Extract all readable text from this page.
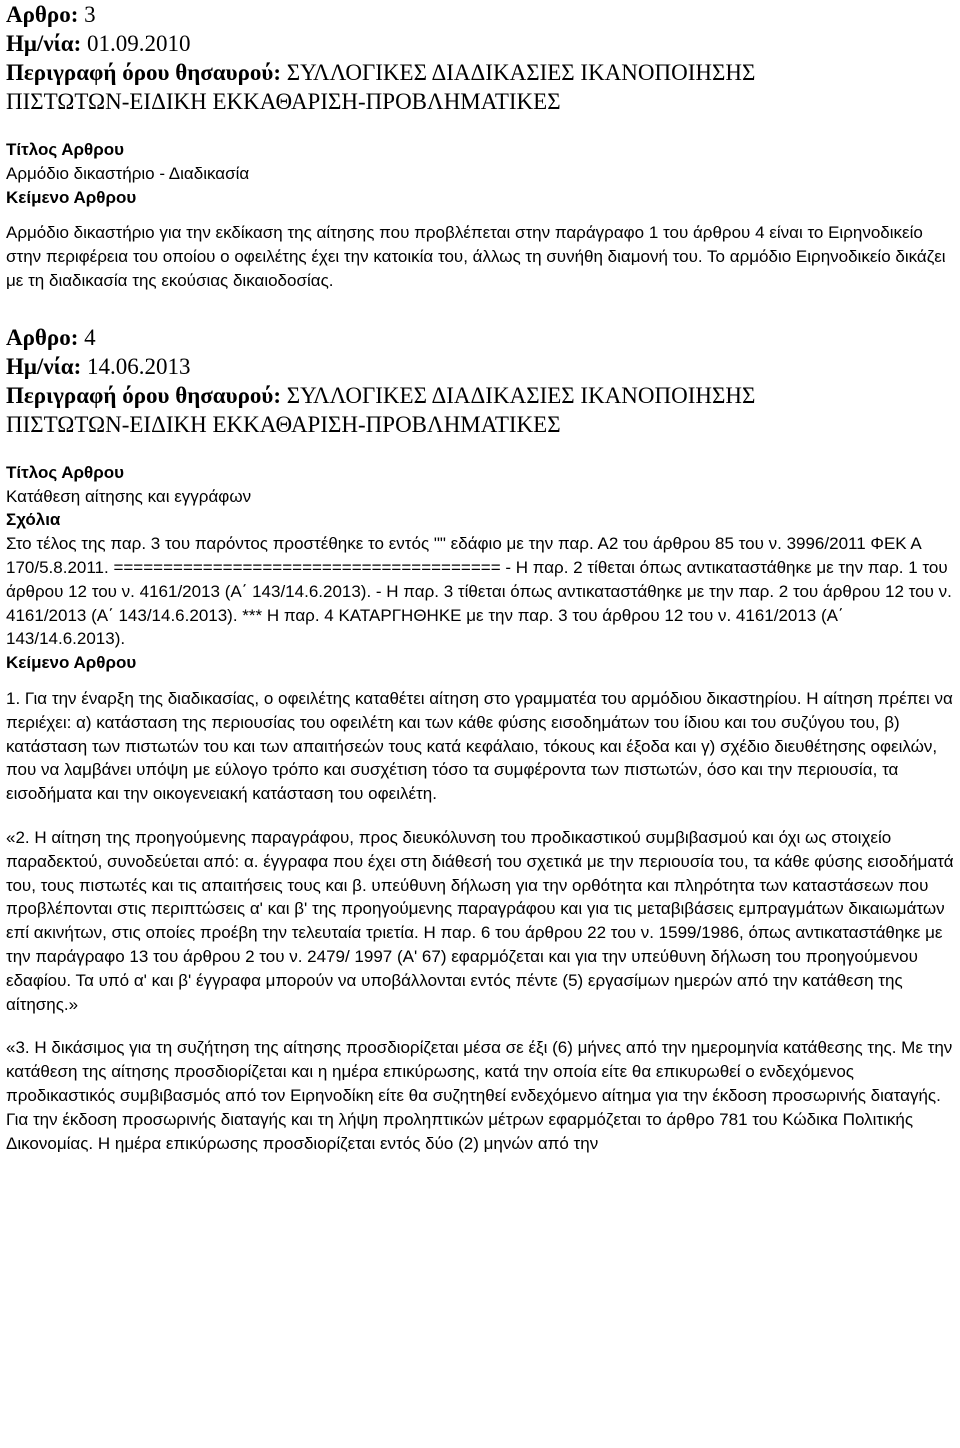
Αρθρο: 3
Ημ/νία: 01.09.2010
Περιγραφή όρου θησαυρού: ΣΥΛΛΟΓΙΚΕΣ ΔΙΑΔΙΚΑΣΙΕΣ ΙΚΑΝΟΠΟΙΗΣΗΣ
ΠΙΣΤΩΤΩΝ-ΕΙΔΙΚΗ ΕΚΚΑΘΑΡΙΣΗ-ΠΡΟΒΛΗΜΑΤΙΚΕΣ
Τίτλος Αρθρου
Αρμόδιο δικαστήριο - Διαδικασία
Κείμενο Αρθρου

Αρμόδιο δικαστήριο για την εκδίκαση της αίτησης που προβλέπεται στην παράγραφο 1 του άρθρου 4 είναι το Ειρηνοδικείο στην περιφέρεια του οποίου ο οφειλέτης έχει την κατοικία του, άλλως τη συνήθη διαμονή του. Το αρμόδιο Ειρηνοδικείο δικάζει με τη διαδικασία της εκούσιας δικαιοδοσίας.

Αρθρο: 4
Ημ/νία: 14.06.2013
Περιγραφή όρου θησαυρού: ΣΥΛΛΟΓΙΚΕΣ ΔΙΑΔΙΚΑΣΙΕΣ ΙΚΑΝΟΠΟΙΗΣΗΣ
ΠΙΣΤΩΤΩΝ-ΕΙΔΙΚΗ ΕΚΚΑΘΑΡΙΣΗ-ΠΡΟΒΛΗΜΑΤΙΚΕΣ
Τίτλος Αρθρου
Κατάθεση αίτησης και εγγράφων
Σχόλια
Στο τέλος της παρ. 3 του παρόντος προστέθηκε το εντός "" εδάφιο με την παρ. Α2 του άρθρου 85 του ν. 3996/2011 ΦΕΚ Α 170/5.8.2011. ======================================= - Η παρ. 2 τίθεται όπως αντικαταστάθηκε με την παρ. 1 του άρθρου 12 του ν. 4161/2013 (Α΄ 143/14.6.2013). - Η παρ. 3 τίθεται όπως αντικαταστάθηκε με την παρ. 2 του άρθρου 12 του ν. 4161/2013 (Α΄ 143/14.6.2013). *** Η παρ. 4 ΚΑΤΑΡΓΗΘΗΚΕ με την παρ. 3 του άρθρου 12 του ν. 4161/2013 (Α΄ 143/14.6.2013).
Κείμενο Αρθρου

1. Για την έναρξη της διαδικασίας, ο οφειλέτης καταθέτει αίτηση στο γραμματέα του αρμόδιου δικαστηρίου. Η αίτηση πρέπει να περιέχει: α) κατάσταση της περιουσίας του οφειλέτη και των κάθε φύσης εισοδημάτων του ίδιου και του συζύγου του, β) κατάσταση των πιστωτών του και των απαιτήσεών τους κατά κεφάλαιο, τόκους και έξοδα και γ) σχέδιο διευθέτησης οφειλών, που να λαμβάνει υπόψη με εύλογο τρόπο και συσχέτιση τόσο τα συμφέροντα των πιστωτών, όσο και την περιουσία, τα εισοδήματα και την οικογενειακή κατάσταση του οφειλέτη.

«2. Η αίτηση της προηγούμενης παραγράφου, προς διευκόλυνση του προδικαστικού συμβιβασμού και όχι ως στοιχείο παραδεκτού, συνοδεύεται από: α. έγγραφα που έχει στη διάθεσή του σχετικά με την περιουσία του, τα κάθε φύσης εισοδήματά του, τους πιστωτές και τις απαιτήσεις τους και β. υπεύθυνη δήλωση για την ορθότητα και πληρότητα των καταστάσεων που προβλέπονται στις περιπτώσεις α' και β' της προηγούμενης παραγράφου και για τις μεταβιβάσεις εμπραγμάτων δικαιωμάτων επί ακινήτων, στις οποίες προέβη την τελευταία τριετία. Η παρ. 6 του άρθρου 22 του ν. 1599/1986, όπως αντικαταστάθηκε με την παράγραφο 13 του άρθρου 2 του ν. 2479/ 1997 (Α' 67) εφαρμόζεται και για την υπεύθυνη δήλωση του προηγούμενου εδαφίου. Τα υπό α' και β' έγγραφα μπορούν να υποβάλλονται εντός πέντε (5) εργασίμων ημερών από την κατάθεση της αίτησης.»

«3. Η δικάσιμος για τη συζήτηση της αίτησης προσδιορίζεται μέσα σε έξι (6) μήνες από την ημερομηνία κατάθεσης της. Με την κατάθεση της αίτησης προσδιορίζεται και η ημέρα επικύρωσης, κατά την οποία είτε θα επικυρωθεί ο ενδεχόμενος προδικαστικός συμβιβασμός από τον Ειρηνοδίκη είτε θα συζητηθεί ενδεχόμενο αίτημα για την έκδοση προσωρινής διαταγής. Για την έκδοση προσωρινής διαταγής και τη λήψη προληπτικών μέτρων εφαρμόζεται το άρθρο 781 του Κώδικα Πολιτικής Δικονομίας. Η ημέρα επικύρωσης προσδιορίζεται εντός δύο (2) μηνών από την
